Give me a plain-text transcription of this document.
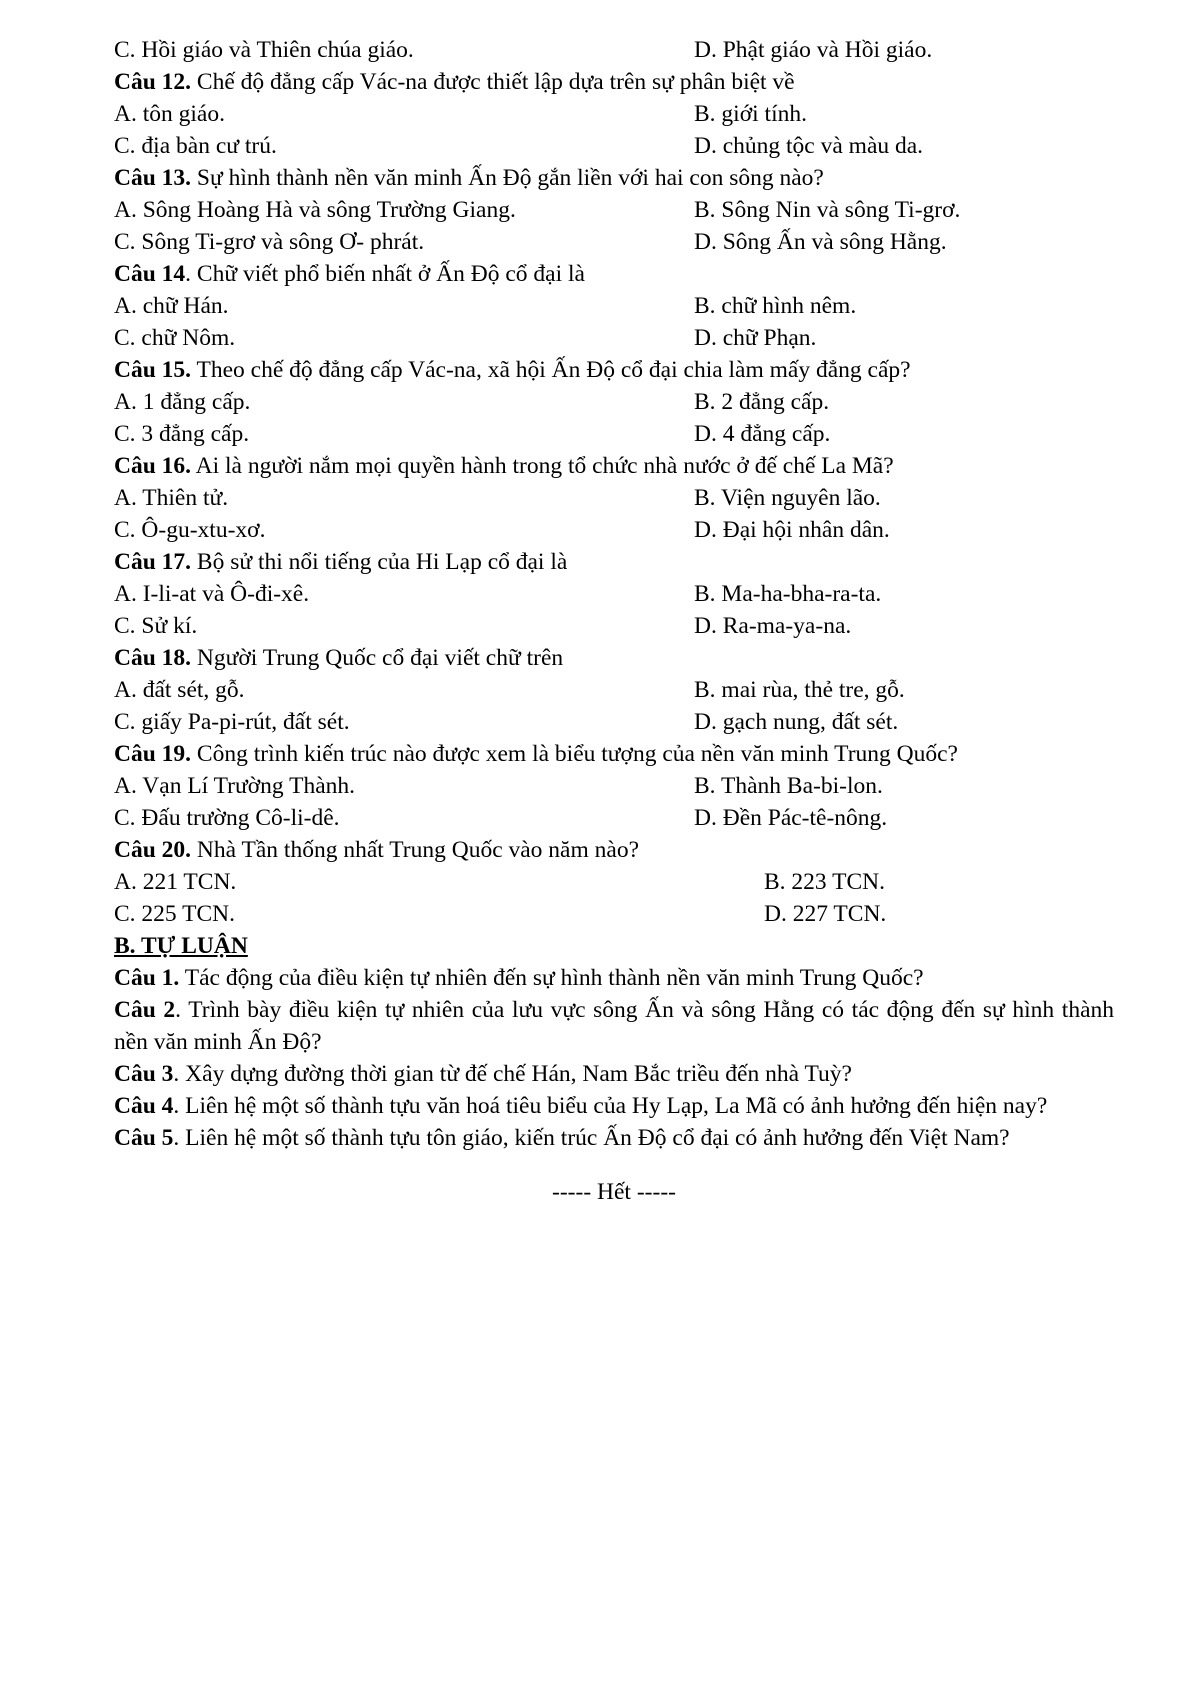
C. Hồi giáo và Thiên chúa giáo.	D. Phật giáo và Hồi giáo.
Câu 12. Chế độ đẳng cấp Vác-na được thiết lập dựa trên sự phân biệt về
A. tôn giáo.	B. giới tính.
C. địa bàn cư trú.	D. chủng tộc và màu da.
Câu 13. Sự hình thành nền văn minh Ấn Độ gắn liền với hai con sông nào?
A. Sông Hoàng Hà và sông Trường Giang.	B. Sông Nin và sông Ti-grơ.
C. Sông Ti-grơ và sông Ơ- phrát.	D. Sông Ấn và sông Hằng.
Câu 14. Chữ viết phổ biến nhất ở Ấn Độ cổ đại là
A. chữ Hán.	B. chữ hình nêm.
C. chữ Nôm.	D. chữ Phạn.
Câu 15. Theo chế độ đẳng cấp Vác-na, xã hội Ấn Độ cổ đại chia làm mấy đẳng cấp?
A. 1 đẳng cấp.	B. 2 đẳng cấp.
C. 3 đẳng cấp.	D. 4 đẳng cấp.
Câu 16. Ai là người nắm mọi quyền hành trong tổ chức nhà nước ở đế chế La Mã?
A. Thiên tử.	B. Viện nguyên lão.
C. Ô-gu-xtu-xơ.	D. Đại hội nhân dân.
Câu 17. Bộ sử thi nổi tiếng của Hi Lạp cổ đại là
A. I-li-at và Ô-đi-xê.	B. Ma-ha-bha-ra-ta.
C. Sử kí.	D. Ra-ma-ya-na.
Câu 18. Người Trung Quốc cổ đại viết chữ trên
A. đất sét, gỗ.	B. mai rùa, thẻ tre, gỗ.
C. giấy Pa-pi-rút, đất sét.	D. gạch nung, đất sét.
Câu 19. Công trình kiến trúc nào được xem là biểu tượng của nền văn minh Trung Quốc?
A. Vạn Lí Trường Thành.	B. Thành Ba-bi-lon.
C. Đấu trường Cô-li-dê.	D. Đền Pác-tê-nông.
Câu 20. Nhà Tần thống nhất Trung Quốc vào năm nào?
A. 221 TCN.	B. 223 TCN.
C. 225 TCN.	D. 227 TCN.
B. TỰ LUẬN
Câu 1. Tác động của điều kiện tự nhiên đến sự hình thành nền văn minh Trung Quốc?
Câu 2. Trình bày điều kiện tự nhiên của lưu vực sông Ấn và sông Hằng có tác động đến sự hình thành nền văn minh Ấn Độ?
Câu 3. Xây dựng đường thời gian từ đế chế Hán, Nam Bắc triều đến nhà Tuỳ?
Câu 4. Liên hệ một số thành tựu văn hoá tiêu biểu của Hy Lạp, La Mã có ảnh hưởng đến hiện nay?
Câu 5. Liên hệ một số thành tựu tôn giáo, kiến trúc Ấn Độ cổ đại có ảnh hưởng đến Việt Nam?
----- Hết -----
